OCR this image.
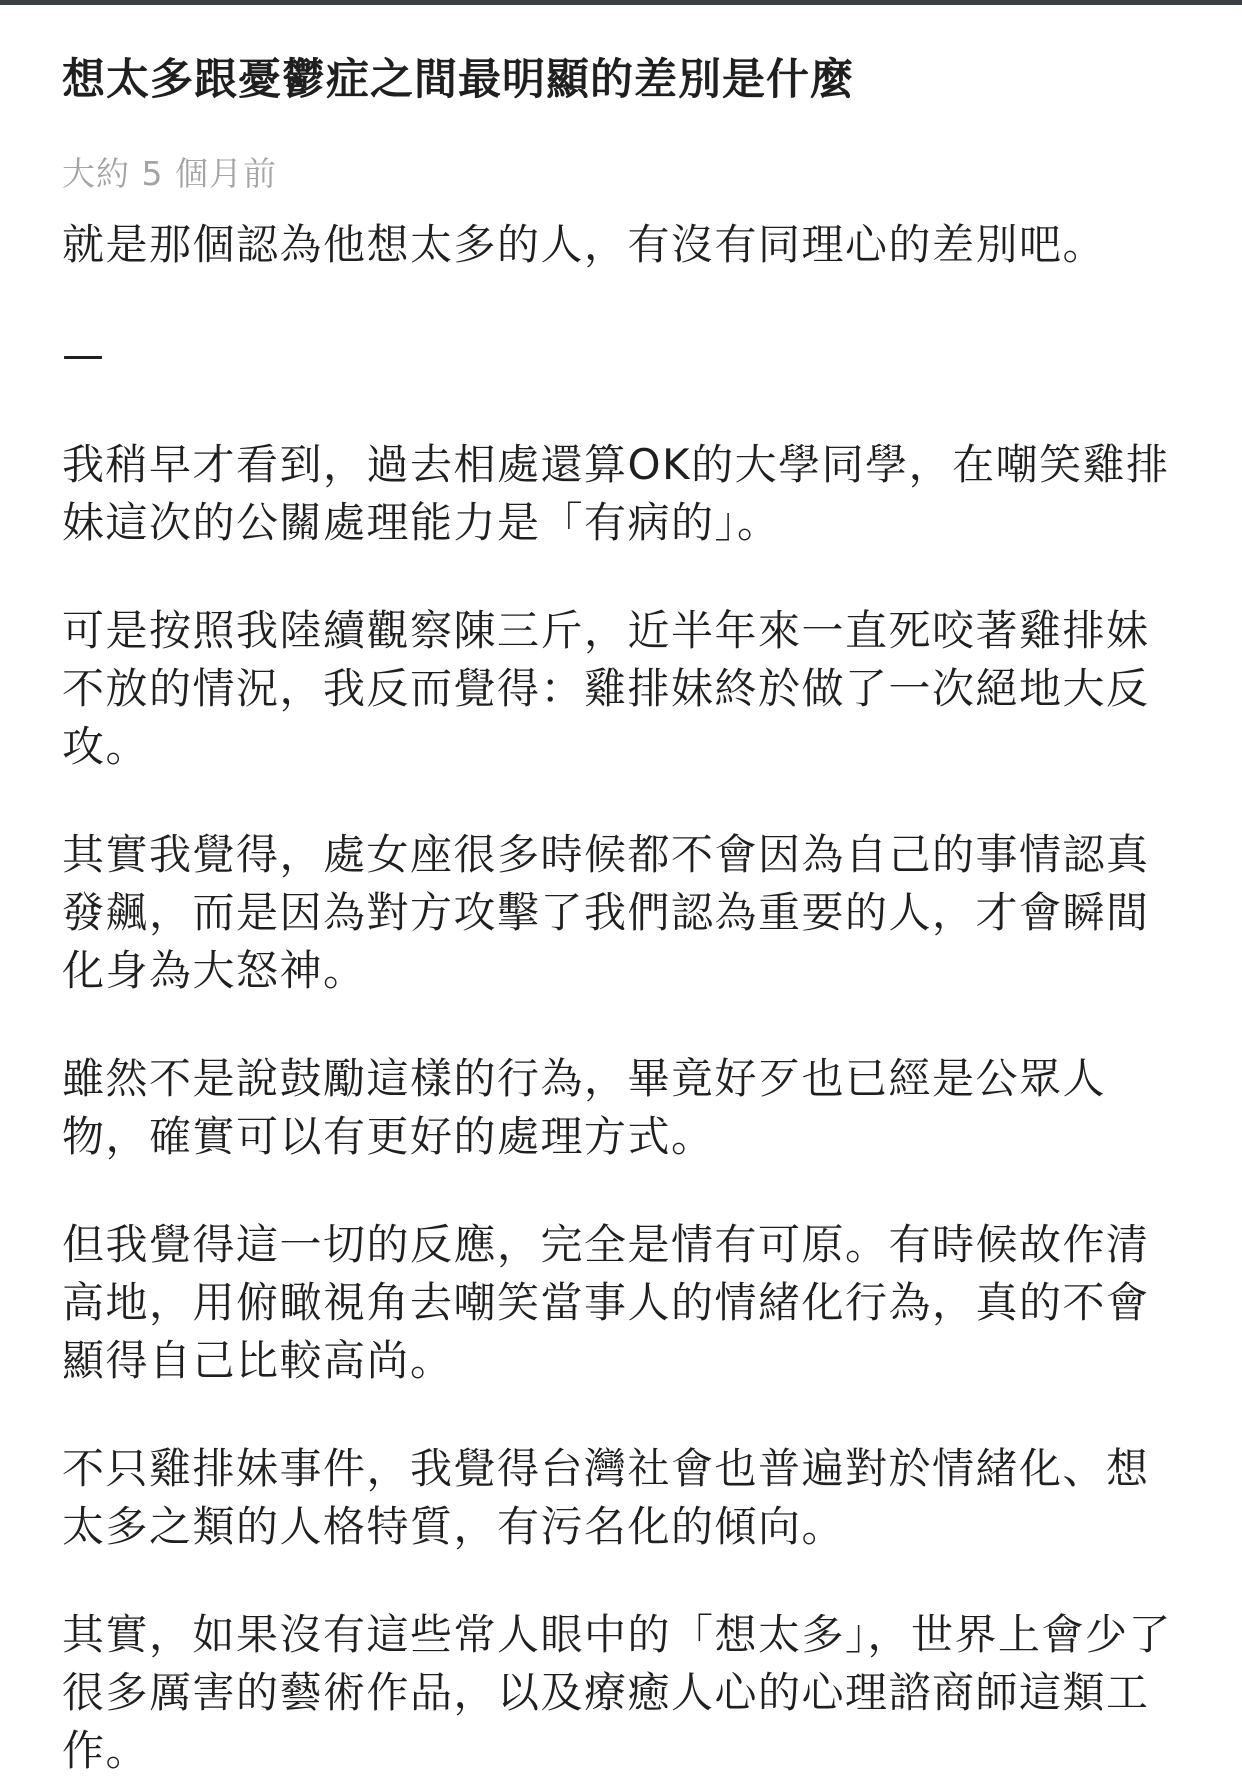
想太多跟憂鬱症之間最明顯的差別是什麼
大約 5 個月前

就是那個認為他想太多的人，有沒有同理心的差別吧。

—

我稍早才看到，過去相處還算OK的大學同學，在嘲笑雞排妹這次的公關處理能力是「有病的」。

可是按照我陸續觀察陳三斤，近半年來一直死咬著雞排妹不放的情況，我反而覺得：雞排妹終於做了一次絕地大反攻。

其實我覺得，處女座很多時候都不會因為自己的事情認真發飆，而是因為對方攻擊了我們認為重要的人，才會瞬間化身為大怒神。

雖然不是說鼓勵這樣的行為，畢竟好歹也已經是公眾人物，確實可以有更好的處理方式。

但我覺得這一切的反應，完全是情有可原。有時候故作清高地，用俯瞰視角去嘲笑當事人的情緒化行為，真的不會顯得自己比較高尚。

不只雞排妹事件，我覺得台灣社會也普遍對於情緒化、想太多之類的人格特質，有污名化的傾向。

其實，如果沒有這些常人眼中的「想太多」，世界上會少了很多厲害的藝術作品，以及療癒人心的心理諮商師這類工作。
